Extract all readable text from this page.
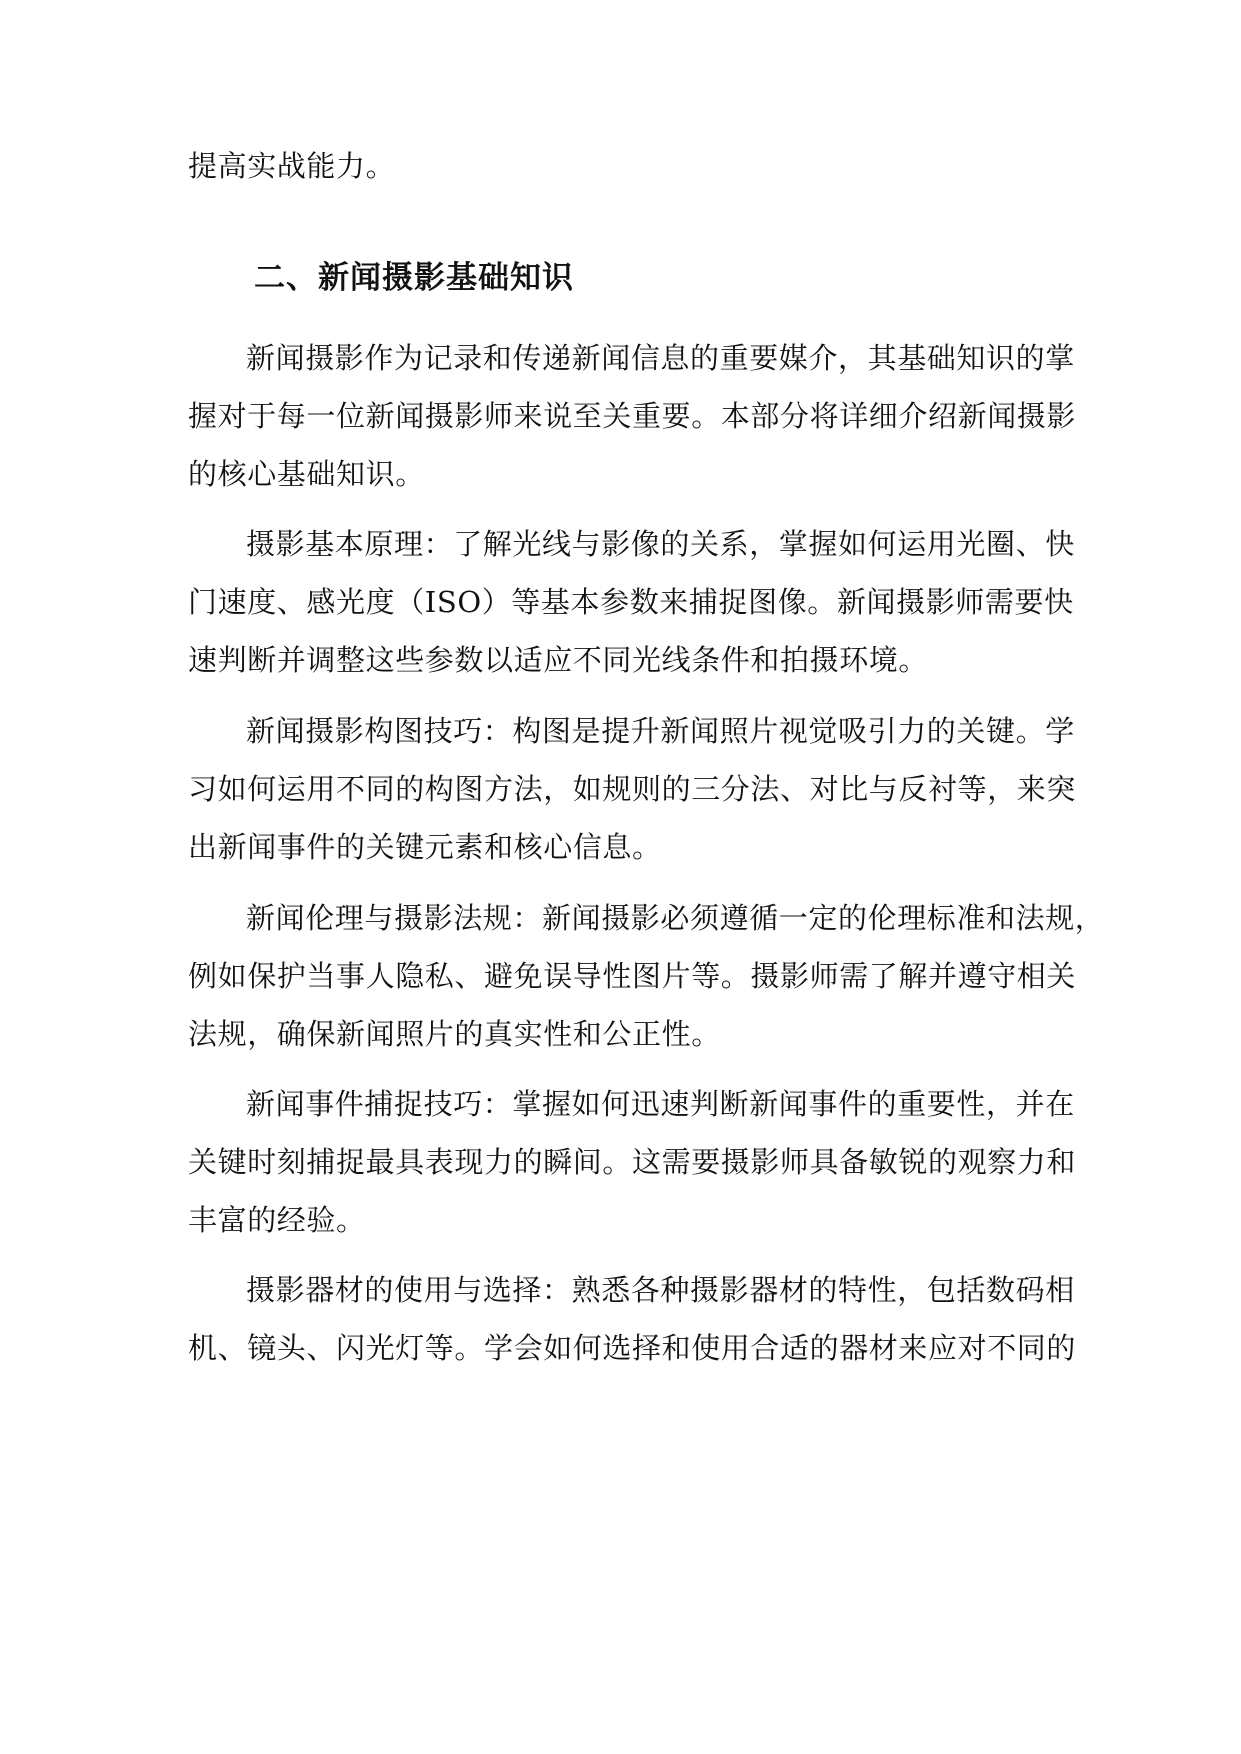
提高实战能力。

二、新闻摄影基础知识

新闻摄影作为记录和传递新闻信息的重要媒介，其基础知识的掌

握对于每一位新闻摄影师来说至关重要。本部分将详细介绍新闻摄影

的核心基础知识。

摄影基本原理：了解光线与影像的关系，掌握如何运用光圈、快

门速度、感光度（ISO）等基本参数来捕捉图像。新闻摄影师需要快

速判断并调整这些参数以适应不同光线条件和拍摄环境。

新闻摄影构图技巧：构图是提升新闻照片视觉吸引力的关键。学

习如何运用不同的构图方法，如规则的三分法、对比与反衬等，来突

出新闻事件的关键元素和核心信息。

新闻伦理与摄影法规：新闻摄影必须遵循一定的伦理标准和法规，

例如保护当事人隐私、避免误导性图片等。摄影师需了解并遵守相关

法规，确保新闻照片的真实性和公正性。

新闻事件捕捉技巧：掌握如何迅速判断新闻事件的重要性，并在

关键时刻捕捉最具表现力的瞬间。这需要摄影师具备敏锐的观察力和

丰富的经验。

摄影器材的使用与选择：熟悉各种摄影器材的特性，包括数码相

机、镜头、闪光灯等。学会如何选择和使用合适的器材来应对不同的
